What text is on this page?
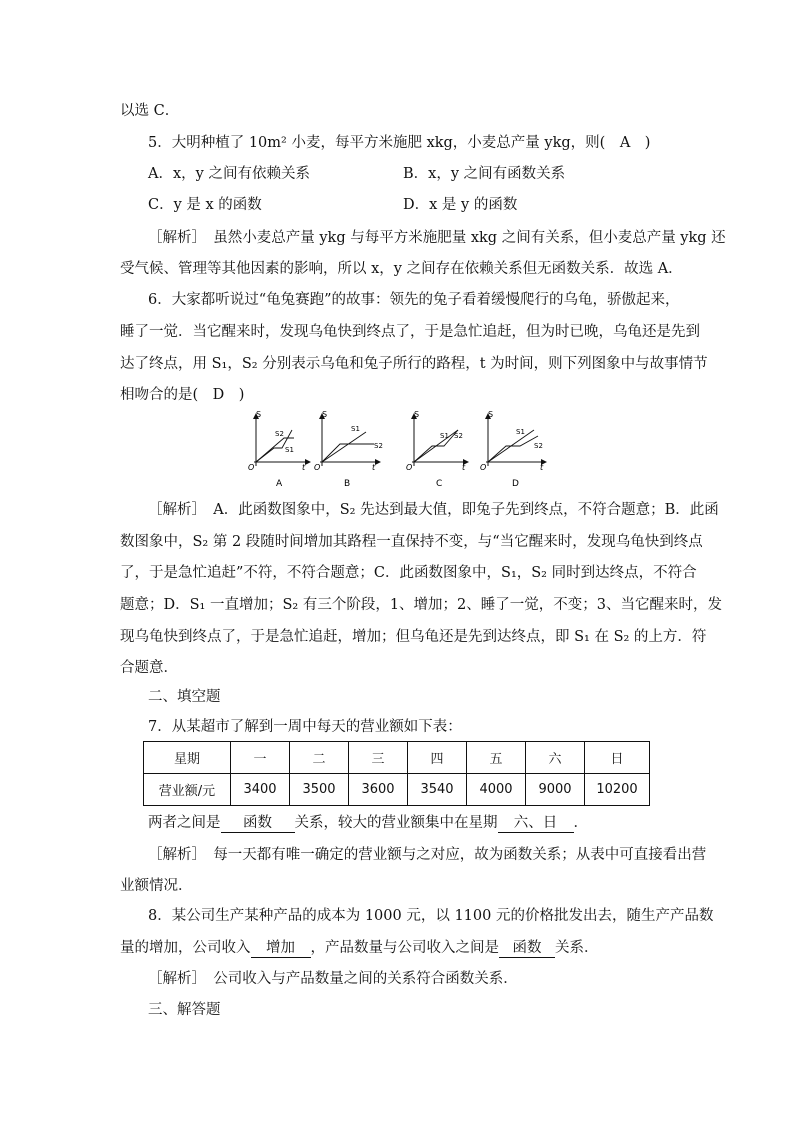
以选 C．
5．大明种植了 10m² 小麦，每平方米施肥 xkg，小麦总产量 ykg，则(　A　)
A．x，y 之间有依赖关系	B．x，y 之间有函数关系
C．y 是 x 的函数	D．x 是 y 的函数
［解析］　虽然小麦总产量 ykg 与每平方米施肥量 xkg 之间有关系，但小麦总产量 ykg 还
受气候、管理等其他因素的影响，所以 x，y 之间存在依赖关系但无函数关系．故选 A．
6．大家都听说过“龟兔赛跑”的故事：领先的兔子看着缓慢爬行的乌龟，骄傲起来，
睡了一觉．当它醒来时，发现乌龟快到终点了，于是急忙追赶，但为时已晚，乌龟还是先到
达了终点，用 S₁，S₂ 分别表示乌龟和兔子所行的路程，t 为时间，则下列图象中与故事情节
相吻合的是(　D　)
S
t
O
S2
S1
A
S
t
O
S1
S2
B
S
t
O
S1 S2
C
S
t
O
S1
S2
D
［解析］　A．此函数图象中，S₂ 先达到最大值，即兔子先到终点，不符合题意；B．此函
数图象中，S₂ 第 2 段随时间增加其路程一直保持不变，与“当它醒来时，发现乌龟快到终点
了，于是急忙追赶”不符，不符合题意；C．此函数图象中，S₁，S₂ 同时到达终点，不符合
题意；D．S₁ 一直增加；S₂ 有三个阶段，1、增加；2、睡了一觉，不变；3、当它醒来时，发
现乌龟快到终点了，于是急忙追赶，增加；但乌龟还是先到达终点，即 S₁ 在 S₂ 的上方．符
合题意．
二、填空题
7．从某超市了解到一周中每天的营业额如下表：
星期	一	二	三	四	五	六	日
营业额/元	3400	3500	3600	3540	4000	9000	10200
两者之间是 函数 关系，较大的营业额集中在星期 六、日 ．
［解析］　每一天都有唯一确定的营业额与之对应，故为函数关系；从表中可直接看出营
业额情况．
8．某公司生产某种产品的成本为 1000 元，以 1100 元的价格批发出去，随生产产品数
量的增加，公司收入 增加 ，产品数量与公司收入之间是 函数 关系．
［解析］　公司收入与产品数量之间的关系符合函数关系．
三、解答题
